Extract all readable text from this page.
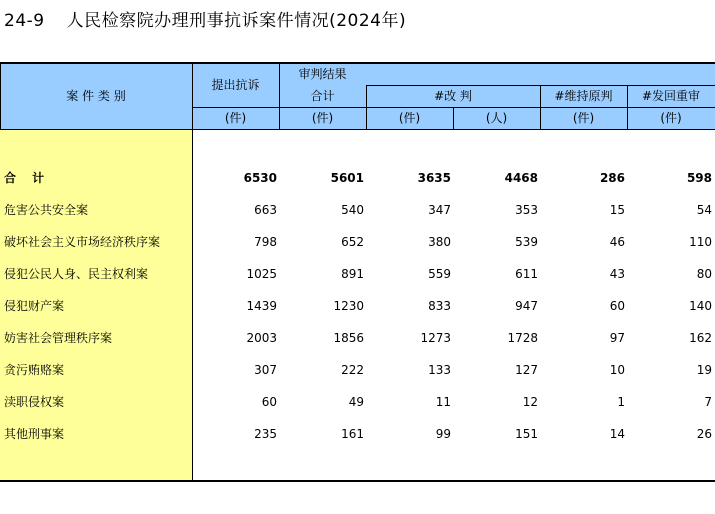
24-9 人民检察院办理刑事抗诉案件情况(2024年)
案 件 类 别
提出抗诉
审判结果
合计	#改 判	#维持原判	#发回重审
(件)	(件)	(件)	(人)	(件)	(件)
合 计	6530	5601	3635	4468	286	598
危害公共安全案	663	540	347	353	15	54
破坏社会主义市场经济秩序案	798	652	380	539	46	110
侵犯公民人身、民主权利案	1025	891	559	611	43	80
侵犯财产案	1439	1230	833	947	60	140
妨害社会管理秩序案	2003	1856	1273	1728	97	162
贪污贿赂案	307	222	133	127	10	19
渎职侵权案	60	49	11	12	1	7
其他刑事案	235	161	99	151	14	26
